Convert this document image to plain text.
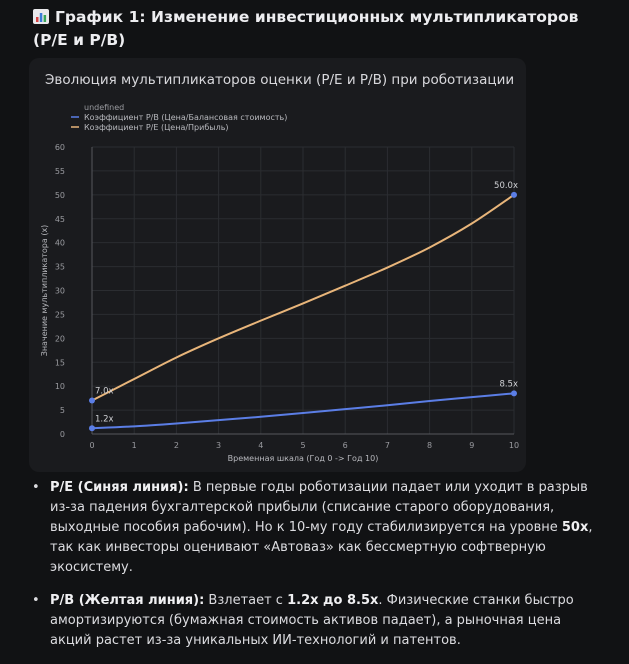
График 1: Изменение инвестиционных мультипликаторов (P/E и P/B)
Эволюция мультипликаторов оценки (P/E и P/B) при роботизации
0
5
10
15
20
25
30
35
40
45
50
55
60
0	1	2	3	4	5	6	7	8	9	10
Временная шкала (Год 0 -> Год 10)
Значение мультипликатора (x)
undefined
Коэффициент P/B (Цена/Балансовая стоимость)
Коэффициент P/E (Цена/Прибыль)
1.2x
8.5x
7.0x
50.0x
• P/E (Синяя линия): В первые годы роботизации падает или уходит в разрыв из-за падения бухгалтерской прибыли (списание старого оборудования, выходные пособия рабочим). Но к 10-му году стабилизируется на уровне 50x, так как инвесторы оценивают «Автоваз» как бессмертную софтверную экосистему.
• P/B (Желтая линия): Взлетает с 1.2x до 8.5x. Физические станки быстро амортизируются (бумажная стоимость активов падает), а рыночная цена акций растет из-за уникальных ИИ-технологий и патентов.
